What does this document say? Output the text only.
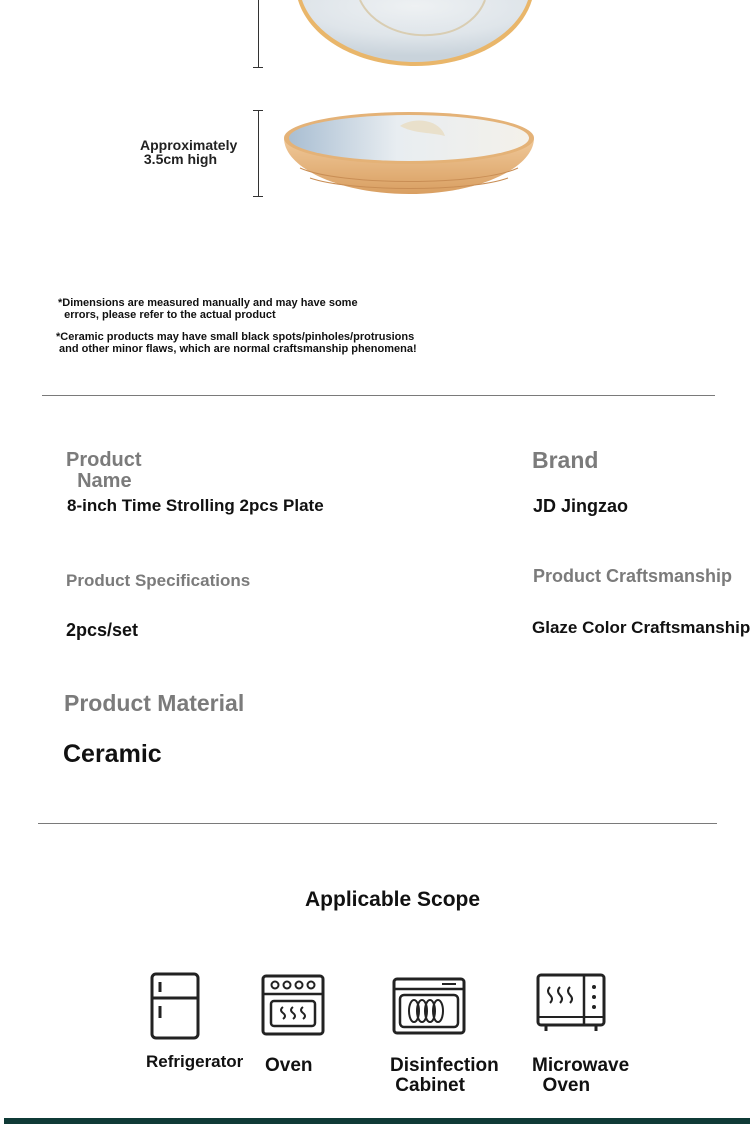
Approximately
3.5cm high
*Dimensions are measured manually and may have some
errors, please refer to the actual product
*Ceramic products may have small black spots/pinholes/protrusions
and other minor flaws, which are normal craftsmanship phenomena!
Product
Name
8-inch Time Strolling 2pcs Plate
Brand
JD Jingzao
Product Specifications
2pcs/set
Product Craftsmanship
Glaze Color Craftsmanship
Product Material
Ceramic
Applicable Scope
Refrigerator Oven	Disinfection
Cabinet
Microwave
Oven
